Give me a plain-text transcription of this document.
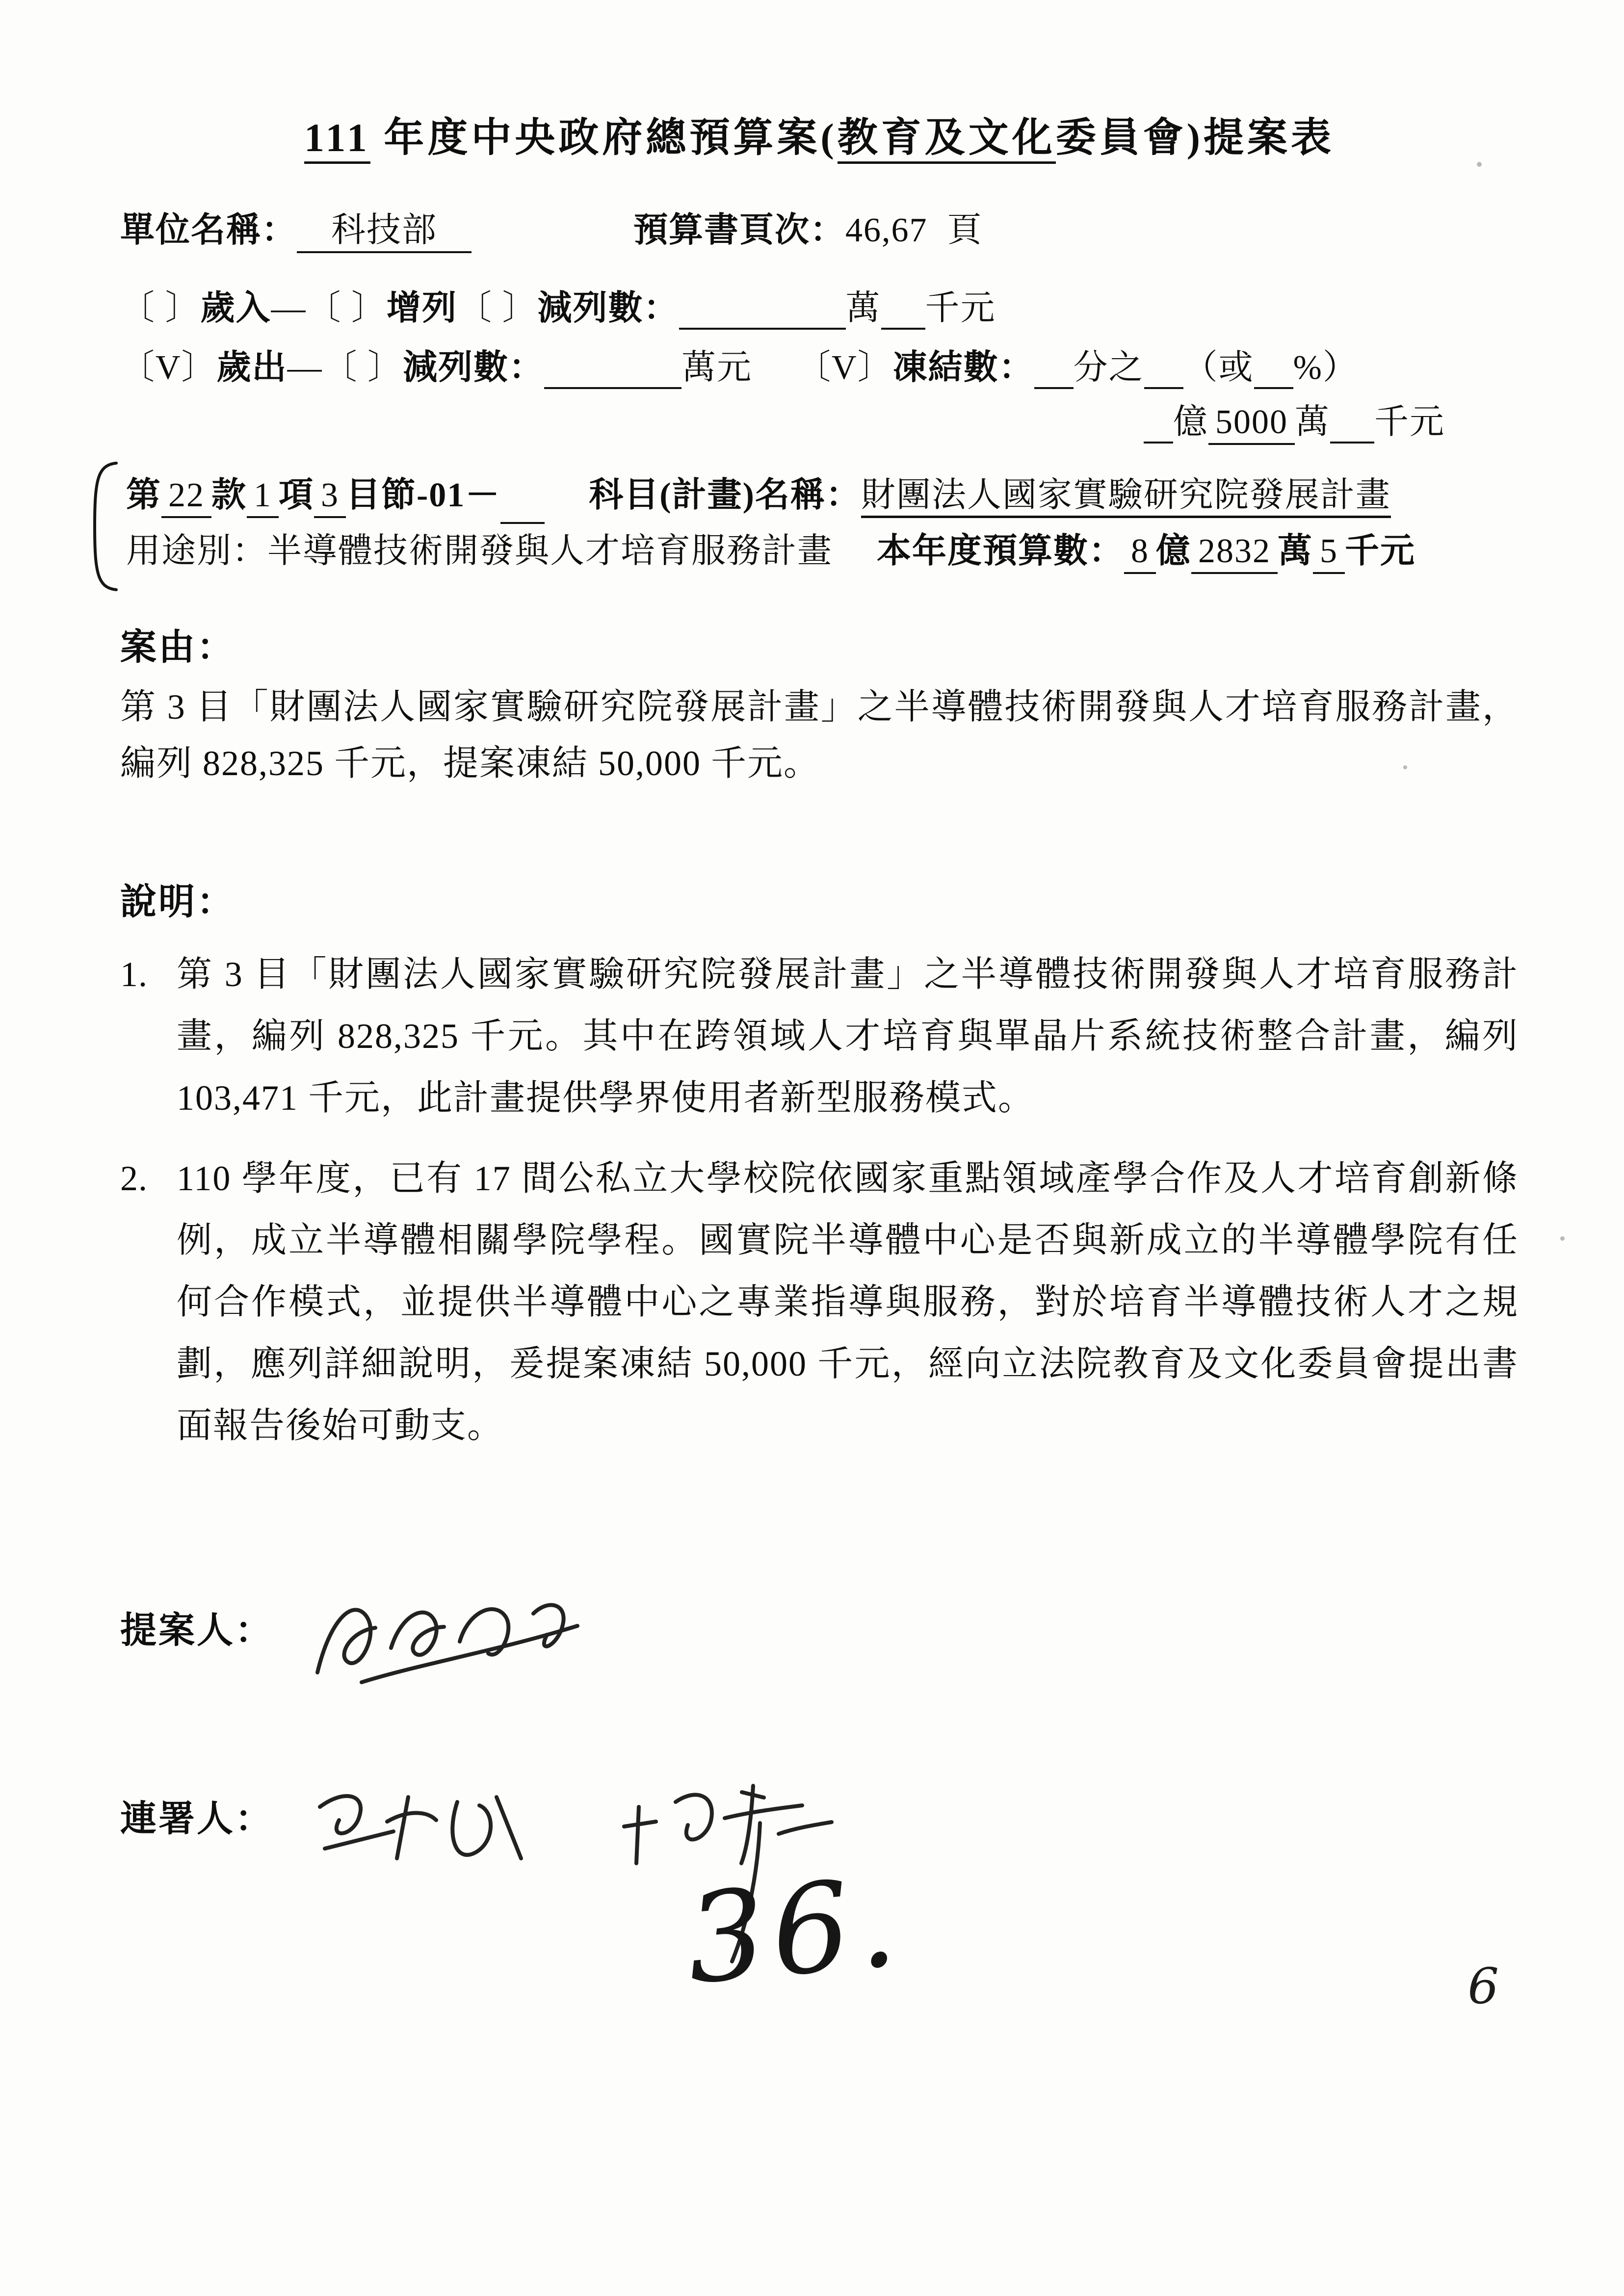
111 年度中央政府總預算案(教育及文化委員會)提案表
單位名稱： 科技部	預算書頁次：46,67 頁
〔 〕歲入—〔 〕增列〔 〕減列數：	萬 千元
〔V〕歲出—〔 〕減列數：	萬元 〔V〕凍結數： 分之 （或 %）
億 5000 萬 千元
第 22 款 1 項 3 目節-01－	科目(計畫)名稱：財團法人國家實驗研究院發展計畫
用途別：半導體技術開發與人才培育服務計畫 本年度預算數： 8 億 2832 萬 5 千元
案由：
第 3 目「財團法人國家實驗研究院發展計畫」之半導體技術開發與人才培育服務計畫，編列 828,325 千元，提案凍結 50,000 千元。
說明：
1. 第 3 目「財團法人國家實驗研究院發展計畫」之半導體技術開發與人才培育服務計畫，編列 828,325 千元。其中在跨領域人才培育與單晶片系統技術整合計畫，編列 103,471 千元，此計畫提供學界使用者新型服務模式。
2. 110 學年度，已有 17 間公私立大學校院依國家重點領域產學合作及人才培育創新條例，成立半導體相關學院學程。國實院半導體中心是否與新成立的半導體學院有任何合作模式，並提供半導體中心之專業指導與服務，對於培育半導體技術人才之規劃，應列詳細說明，爰提案凍結 50,000 千元，經向立法院教育及文化委員會提出書面報告後始可動支。
提案人：
連署人：
36.	6
